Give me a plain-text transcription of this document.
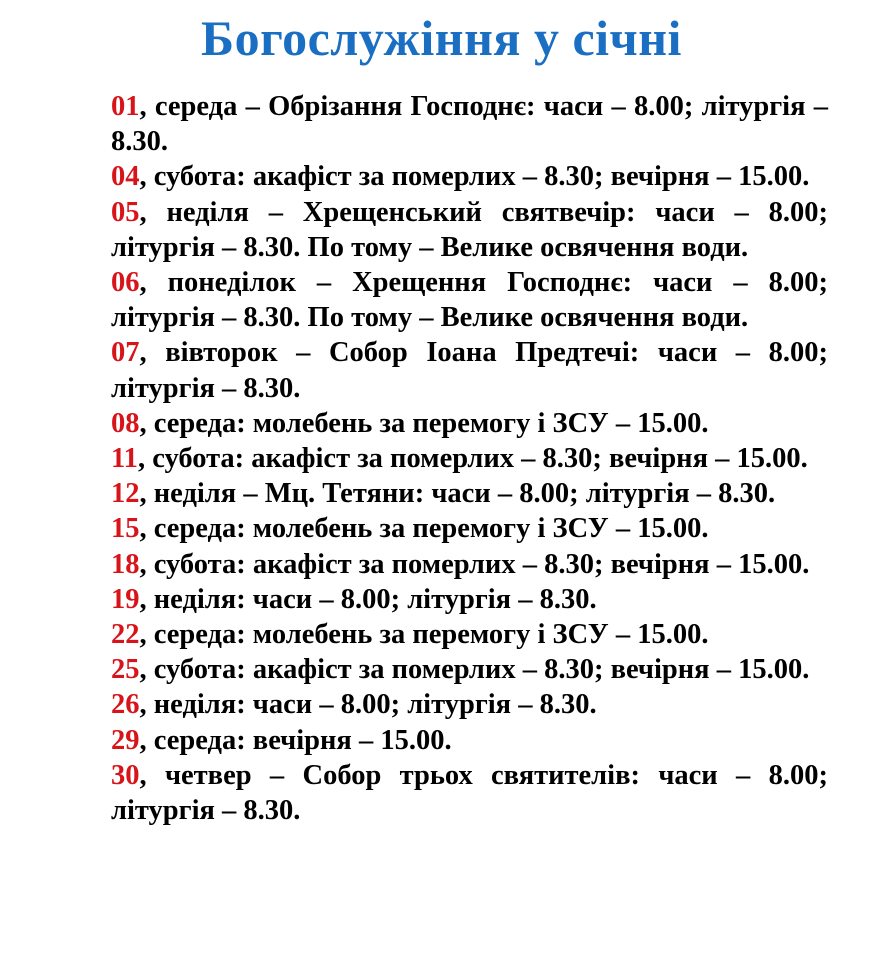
Богослужіння у січні
01, середа – Обрізання Господнє: часи – 8.00; літургія – 8.30.
04, субота: акафіст за померлих – 8.30; вечірня – 15.00.
05, неділя – Хрещенський святвечір: часи – 8.00; літургія – 8.30. По тому – Велике освячення води.
06, понеділок – Хрещення Господнє: часи – 8.00; літургія – 8.30. По тому – Велике освячення води.
07, вівторок – Собор Іоана Предтечі: часи – 8.00; літургія – 8.30.
08, середа: молебень за перемогу і ЗСУ – 15.00.
11, субота: акафіст за померлих – 8.30; вечірня – 15.00.
12, неділя – Мц. Тетяни: часи – 8.00; літургія – 8.30.
15, середа: молебень за перемогу і ЗСУ – 15.00.
18, субота: акафіст за померлих – 8.30; вечірня – 15.00.
19, неділя: часи – 8.00; літургія – 8.30.
22, середа: молебень за перемогу і ЗСУ – 15.00.
25, субота: акафіст за померлих – 8.30; вечірня – 15.00.
26, неділя: часи – 8.00; літургія – 8.30.
29, середа: вечірня – 15.00.
30, четвер – Собор трьох святителів: часи – 8.00; літургія – 8.30.
